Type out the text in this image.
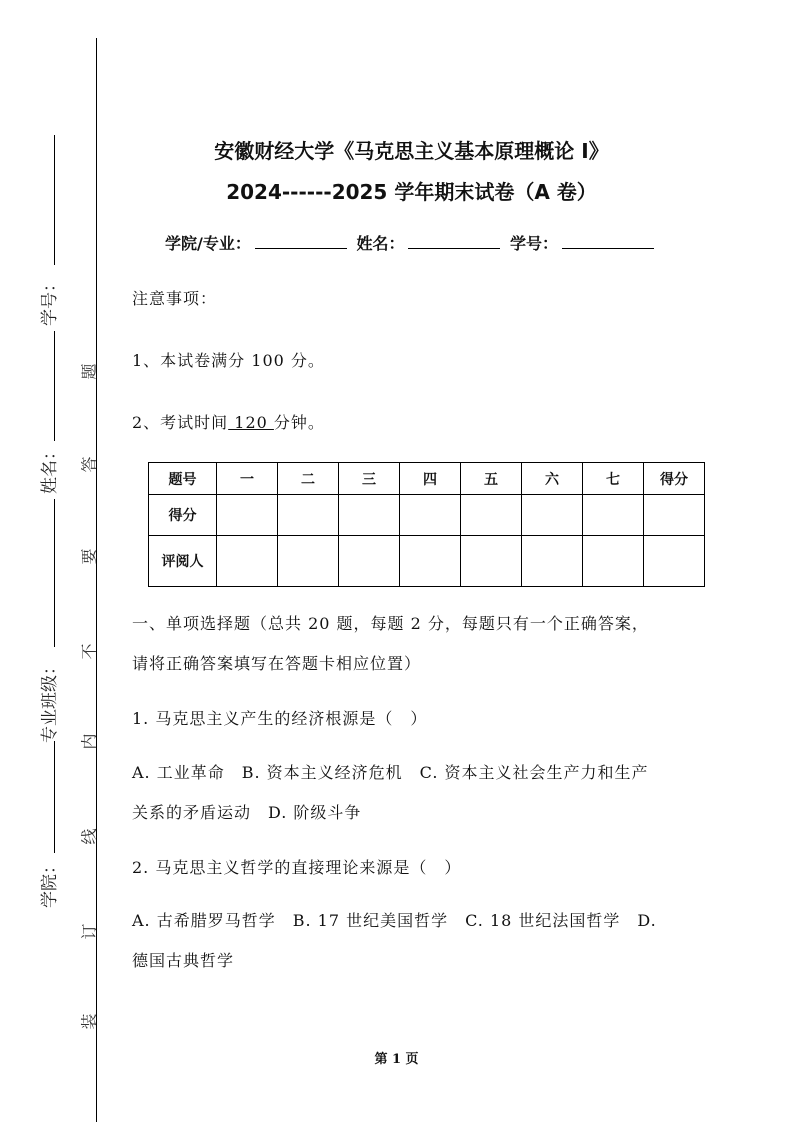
学号：
姓名：
专业班级：
学院：
题
答
要
不
内
线
订
装
安徽财经大学《马克思主义基本原理概论 I》
2024------2025 学年期末试卷（A 卷）
学院/专业：	姓名：	学号：
注意事项：
1、本试卷满分 100 分。
2、考试时间 120 分钟。
题号	一	二	三	四	五	六	七	得分
得分								
评阅人								
一、单项选择题（总共 20 题，每题 2 分，每题只有一个正确答案，
请将正确答案填写在答题卡相应位置）
1. 马克思主义产生的经济根源是（　）
A. 工业革命　B. 资本主义经济危机　C. 资本主义社会生产力和生产
关系的矛盾运动　D. 阶级斗争
2. 马克思主义哲学的直接理论来源是（　）
A. 古希腊罗马哲学　B. 17 世纪美国哲学　C. 18 世纪法国哲学　D.
德国古典哲学
第 1 页
